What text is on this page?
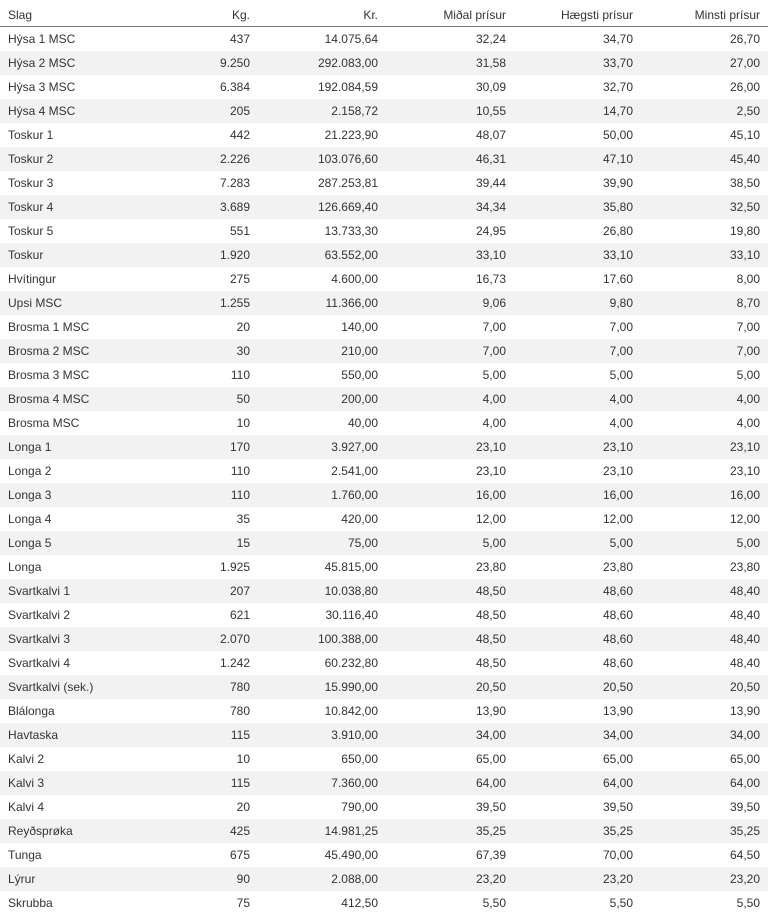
Slag	Kg.	Kr.	Miðal prísur	Hægsti prísur	Minsti prísur
Hýsa 1 MSC	437	14.075,64	32,24	34,70	26,70
Hýsa 2 MSC	9.250	292.083,00	31,58	33,70	27,00
Hýsa 3 MSC	6.384	192.084,59	30,09	32,70	26,00
Hýsa 4 MSC	205	2.158,72	10,55	14,70	2,50
Toskur 1	442	21.223,90	48,07	50,00	45,10
Toskur 2	2.226	103.076,60	46,31	47,10	45,40
Toskur 3	7.283	287.253,81	39,44	39,90	38,50
Toskur 4	3.689	126.669,40	34,34	35,80	32,50
Toskur 5	551	13.733,30	24,95	26,80	19,80
Toskur	1.920	63.552,00	33,10	33,10	33,10
Hvítingur	275	4.600,00	16,73	17,60	8,00
Upsi MSC	1.255	11.366,00	9,06	9,80	8,70
Brosma 1 MSC	20	140,00	7,00	7,00	7,00
Brosma 2 MSC	30	210,00	7,00	7,00	7,00
Brosma 3 MSC	110	550,00	5,00	5,00	5,00
Brosma 4 MSC	50	200,00	4,00	4,00	4,00
Brosma MSC	10	40,00	4,00	4,00	4,00
Longa 1	170	3.927,00	23,10	23,10	23,10
Longa 2	110	2.541,00	23,10	23,10	23,10
Longa 3	110	1.760,00	16,00	16,00	16,00
Longa 4	35	420,00	12,00	12,00	12,00
Longa 5	15	75,00	5,00	5,00	5,00
Longa	1.925	45.815,00	23,80	23,80	23,80
Svartkalvi 1	207	10.038,80	48,50	48,60	48,40
Svartkalvi 2	621	30.116,40	48,50	48,60	48,40
Svartkalvi 3	2.070	100.388,00	48,50	48,60	48,40
Svartkalvi 4	1.242	60.232,80	48,50	48,60	48,40
Svartkalvi (sek.)	780	15.990,00	20,50	20,50	20,50
Blálonga	780	10.842,00	13,90	13,90	13,90
Havtaska	115	3.910,00	34,00	34,00	34,00
Kalvi 2	10	650,00	65,00	65,00	65,00
Kalvi 3	115	7.360,00	64,00	64,00	64,00
Kalvi 4	20	790,00	39,50	39,50	39,50
Reyðsprøka	425	14.981,25	35,25	35,25	35,25
Tunga	675	45.490,00	67,39	70,00	64,50
Lýrur	90	2.088,00	23,20	23,20	23,20
Skrubba	75	412,50	5,50	5,50	5,50
